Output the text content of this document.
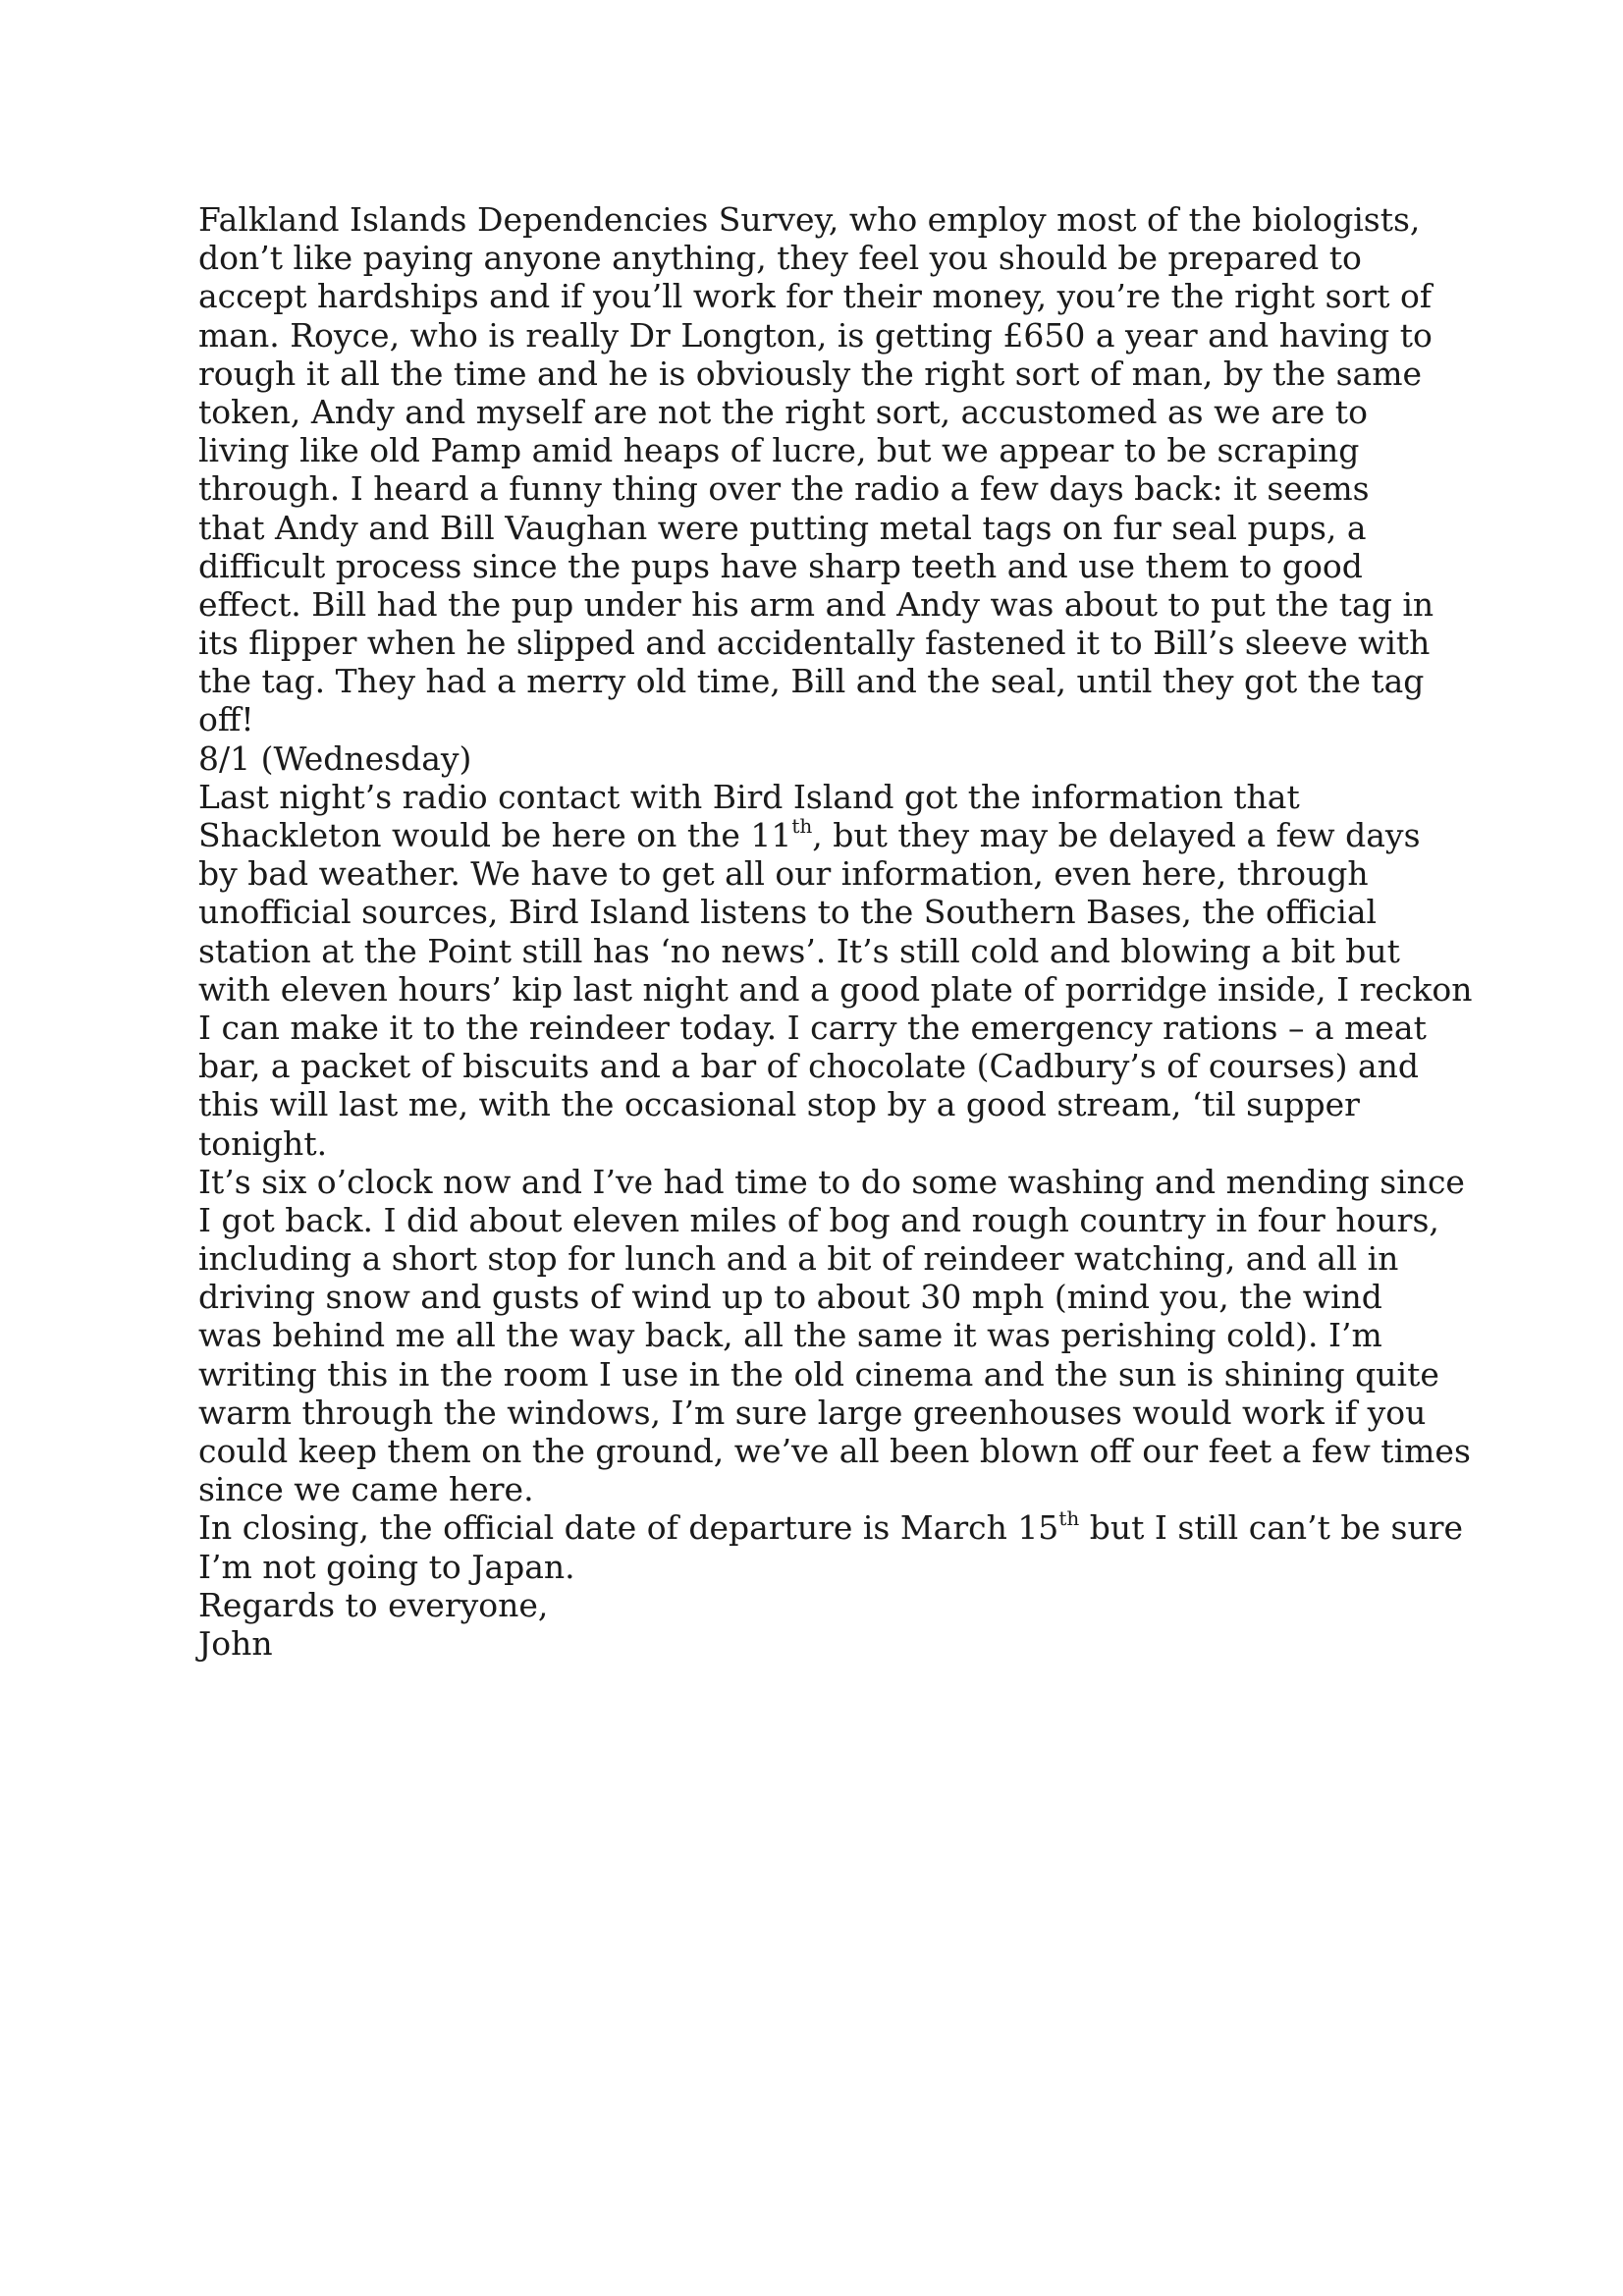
Falkland Islands Dependencies Survey, who employ most of the biologists,
don’t like paying anyone anything, they feel you should be prepared to
accept hardships and if you’ll work for their money, you’re the right sort of
man. Royce, who is really Dr Longton, is getting £650 a year and having to
rough it all the time and he is obviously the right sort of man, by the same
token, Andy and myself are not the right sort, accustomed as we are to
living like old Pamp amid heaps of lucre, but we appear to be scraping
through. I heard a funny thing over the radio a few days back: it seems
that Andy and Bill Vaughan were putting metal tags on fur seal pups, a
difficult process since the pups have sharp teeth and use them to good
effect. Bill had the pup under his arm and Andy was about to put the tag in
its flipper when he slipped and accidentally fastened it to Bill’s sleeve with
the tag. They had a merry old time, Bill and the seal, until they got the tag
off!
8/1 (Wednesday)
Last night’s radio contact with Bird Island got the information that
Shackleton would be here on the 11th, but they may be delayed a few days
by bad weather. We have to get all our information, even here, through
unofficial sources, Bird Island listens to the Southern Bases, the official
station at the Point still has ‘no news’. It’s still cold and blowing a bit but
with eleven hours’ kip last night and a good plate of porridge inside, I reckon
I can make it to the reindeer today. I carry the emergency rations – a meat
bar, a packet of biscuits and a bar of chocolate (Cadbury’s of courses) and
this will last me, with the occasional stop by a good stream, ‘til supper
tonight.
It’s six o’clock now and I’ve had time to do some washing and mending since
I got back. I did about eleven miles of bog and rough country in four hours,
including a short stop for lunch and a bit of reindeer watching, and all in
driving snow and gusts of wind up to about 30 mph (mind you, the wind
was behind me all the way back, all the same it was perishing cold). I’m
writing this in the room I use in the old cinema and the sun is shining quite
warm through the windows, I’m sure large greenhouses would work if you
could keep them on the ground, we’ve all been blown off our feet a few times
since we came here.
In closing, the official date of departure is March 15th but I still can’t be sure
I’m not going to Japan.
Regards to everyone,
John
